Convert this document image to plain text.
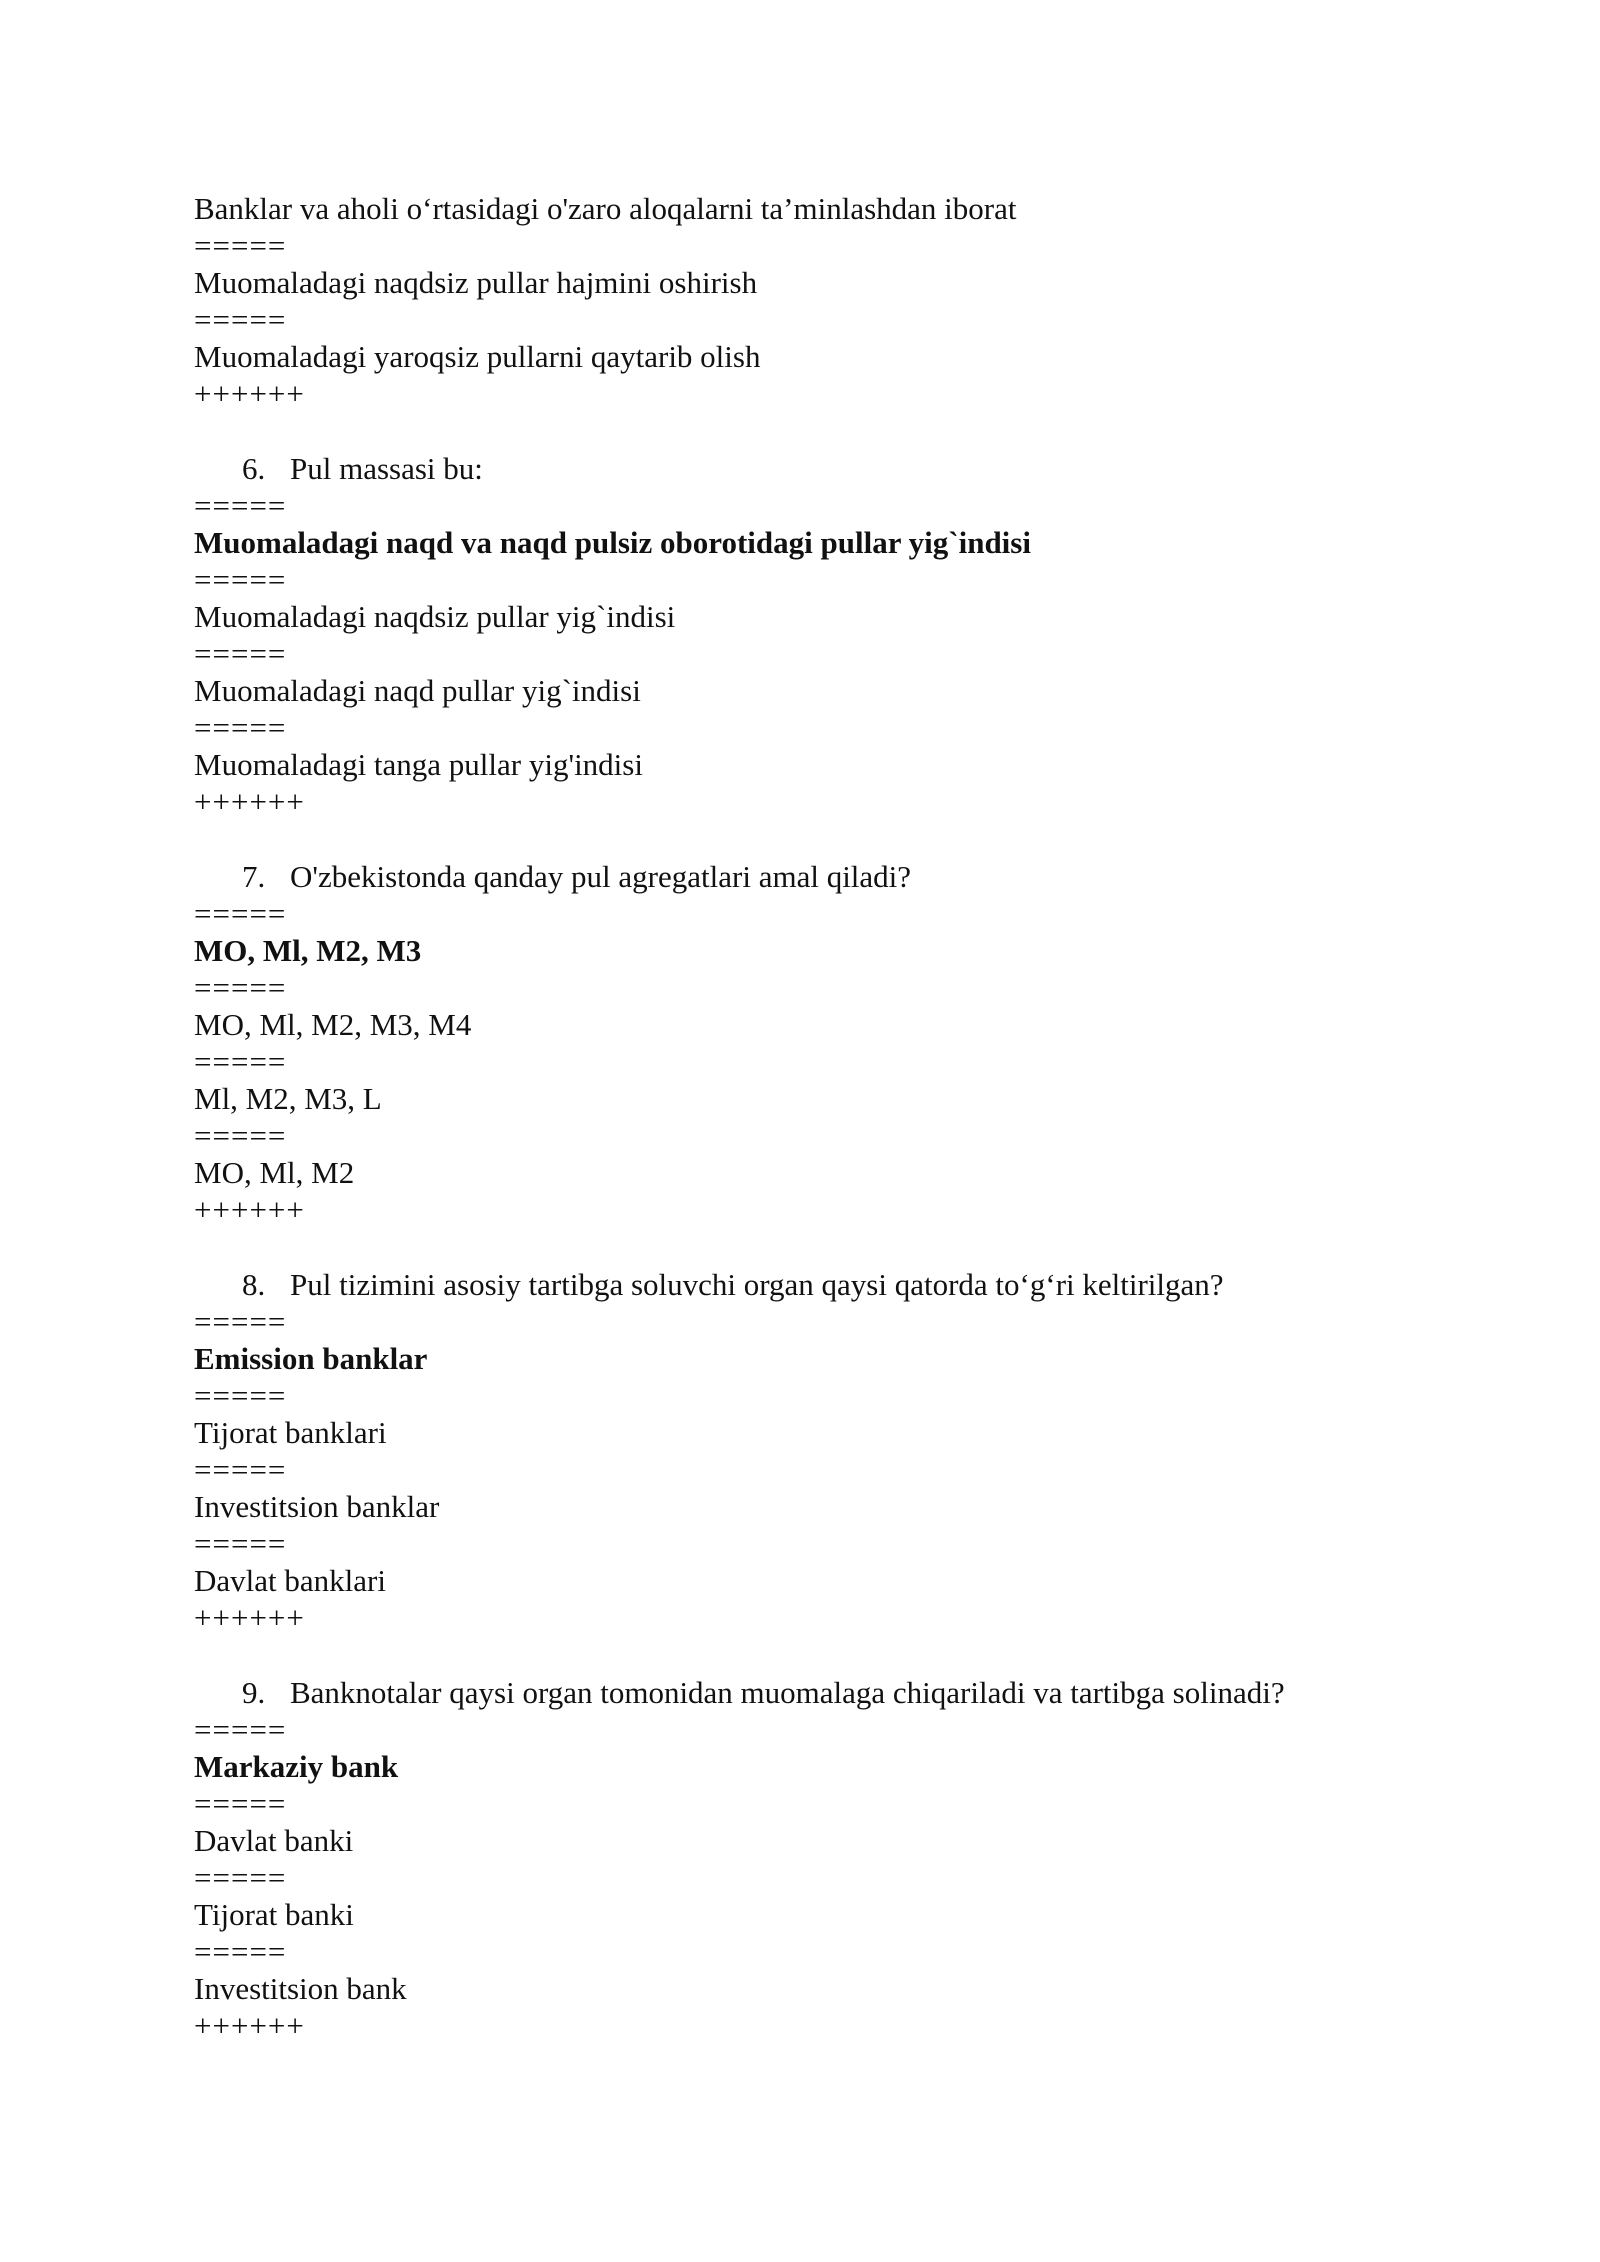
Banklar va aholi o‘rtasidagi o'zaro aloqalarni ta’minlashdan iborat
=====
Muomaladagi naqdsiz pullar hajmini oshirish
=====
Muomaladagi yaroqsiz pullarni qaytarib olish
++++++
6. Pul massasi bu:
=====
Muomaladagi naqd va naqd pulsiz oborotidagi pullar yig`indisi
=====
Muomaladagi naqdsiz pullar yig`indisi
=====
Muomaladagi naqd pullar yig`indisi
=====
Muomaladagi tanga pullar yig'indisi
++++++
7. O'zbekistonda qanday pul agregatlari amal qiladi?
=====
MO, Ml, M2, M3
=====
MO, Ml, M2, M3, M4
=====
Ml, M2, M3, L
=====
MO, Ml, M2
++++++
8. Pul tizimini asosiy tartibga soluvchi organ qaysi qatorda to‘g‘ri keltirilgan?
=====
Emission banklar
=====
Tijorat banklari
=====
Investitsion banklar
=====
Davlat banklari
++++++
9. Banknotalar qaysi organ tomonidan muomalaga chiqariladi va tartibga solinadi?
=====
Markaziy bank
=====
Davlat banki
=====
Tijorat banki
=====
Investitsion bank
++++++
